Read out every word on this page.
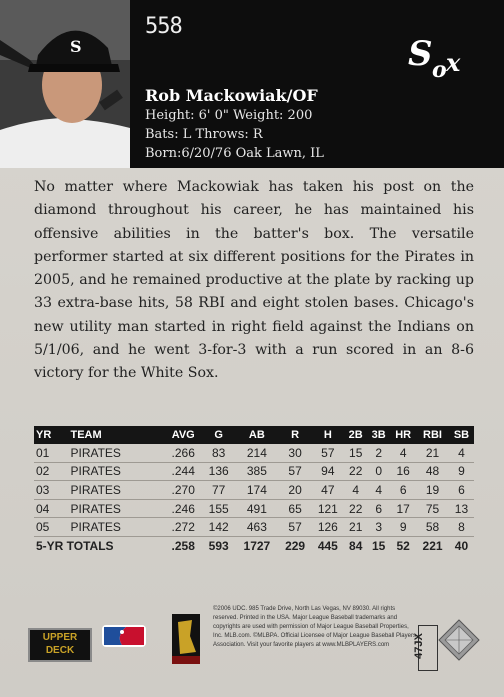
S
558
S o x
Rob Mackowiak/OF
Height: 6' 0" Weight: 200
Bats: L Throws: R
Born:6/20/76 Oak Lawn, IL

No matter where Mackowiak has taken his post on the diamond throughout his career, he has maintained his offensive abilities in the batter's box. The versatile performer started at six different positions for the Pirates in 2005, and he remained productive at the plate by racking up 33 extra-base hits, 58 RBI and eight stolen bases. Chicago's new utility man started in right field against the Indians on 5/1/06, and he went 3-for-3 with a run scored in an 8-6 victory for the White Sox.

YR	TEAM	AVG	G	AB	R	H	2B	3B	HR	RBI	SB
01	PIRATES	.266	83	214	30	57	15	2	4	21	4
02	PIRATES	.244	136	385	57	94	22	0	16	48	9
03	PIRATES	.270	77	174	20	47	4	4	6	19	6
04	PIRATES	.246	155	491	65	121	22	6	17	75	13
05	PIRATES	.272	142	463	57	126	21	3	9	58	8
5-YR TOTALS		.258	593	1727	229	445	84	15	52	221	40
UPPER
DECK
©2006 UDC. 985 Trade Drive, North Las Vegas, NV 89030. All rights reserved. Printed in the USA. Major League Baseball trademarks and copyrights are used with permission of Major League Baseball Properties, Inc. MLB.com. ©MLBPA. Official Licensee of Major League Baseball Players Association. Visit your favorite players at www.MLBPLAYERS.com	47JX
